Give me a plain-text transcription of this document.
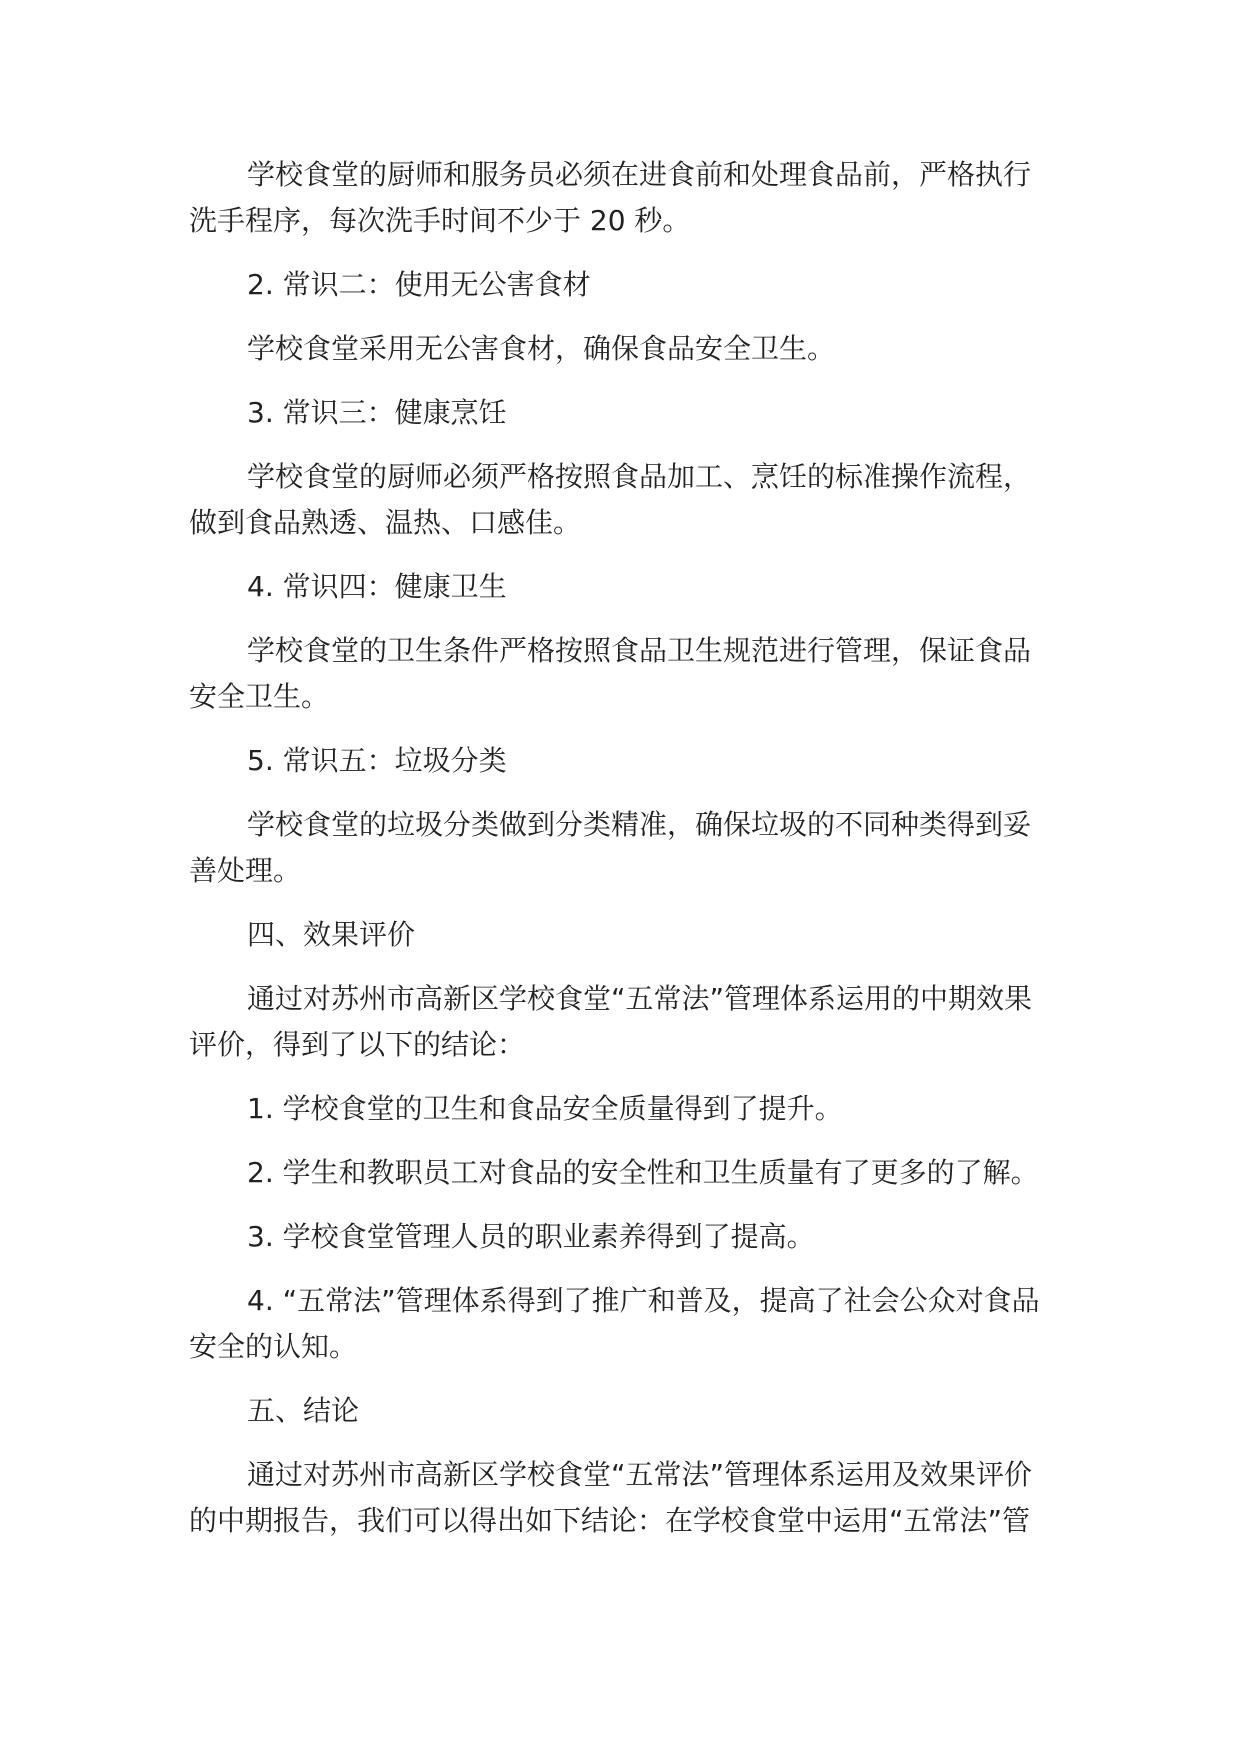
学校食堂的厨师和服务员必须在进食前和处理食品前，严格执行洗手程序，每次洗手时间不少于 20 秒。

2. 常识二：使用无公害食材

学校食堂采用无公害食材，确保食品安全卫生。

3. 常识三：健康烹饪

学校食堂的厨师必须严格按照食品加工、烹饪的标准操作流程，做到食品熟透、温热、口感佳。

4. 常识四：健康卫生

学校食堂的卫生条件严格按照食品卫生规范进行管理，保证食品安全卫生。

5. 常识五：垃圾分类

学校食堂的垃圾分类做到分类精准，确保垃圾的不同种类得到妥善处理。

四、效果评价

通过对苏州市高新区学校食堂“五常法”管理体系运用的中期效果评价，得到了以下的结论：

1. 学校食堂的卫生和食品安全质量得到了提升。

2. 学生和教职员工对食品的安全性和卫生质量有了更多的了解。

3. 学校食堂管理人员的职业素养得到了提高。

4. “五常法”管理体系得到了推广和普及，提高了社会公众对食品安全的认知。

五、结论

通过对苏州市高新区学校食堂“五常法”管理体系运用及效果评价的中期报告，我们可以得出如下结论：在学校食堂中运用“五常法”管
